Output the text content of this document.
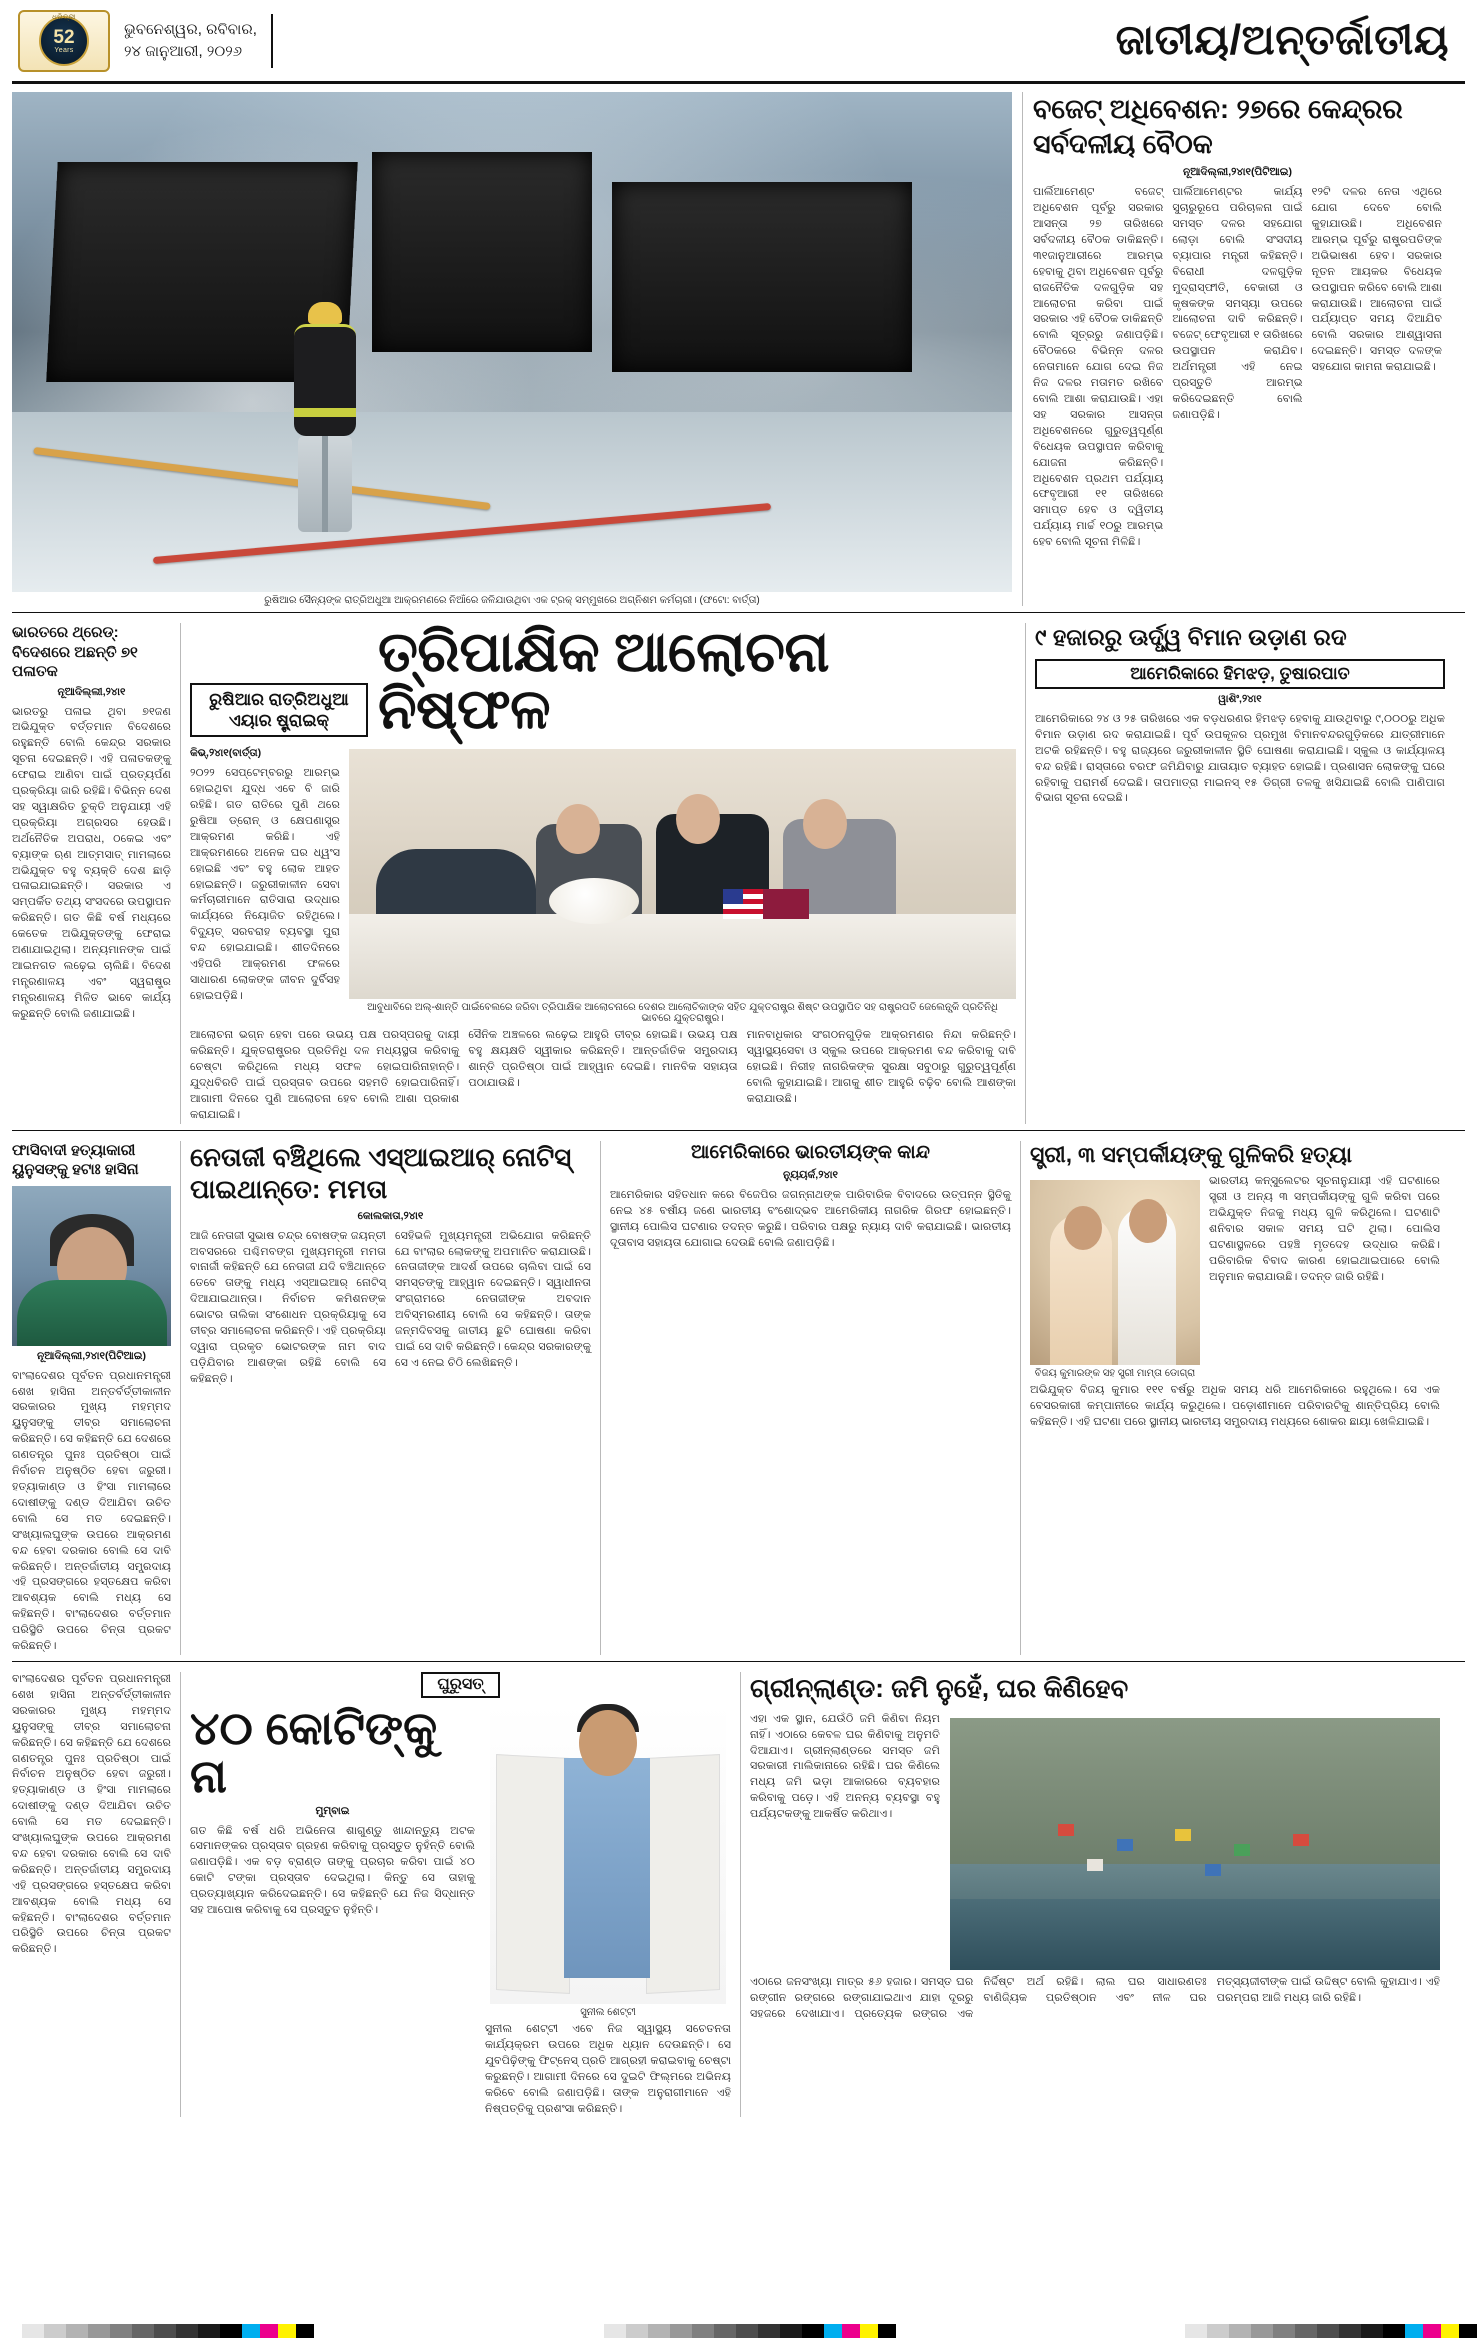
ଧରିତ୍ରୀ
52
Years
ଭୁବନେଶ୍ୱର, ରବିବାର,
୨୪ ଜାନୁଆରୀ, ୨୦୨୬	ଜାତୀୟ/ଅନ୍ତର୍ଜାତୀୟ
ରୁଷିଆର ସୈନ୍ୟଙ୍କ ରାତ୍ରିଅଧୁଆ ଆକ୍ରମଣରେ ନିଆଁରେ ଜଳିଯାଉଥିବା ଏକ ଟ୍ରକ୍ ସମ୍ମୁଖରେ ଅଗ୍ନିଶମ କର୍ମଚାରୀ। (ଫଟୋ: ବାର୍ତ୍ତା)
ବଜେଟ୍ ଅଧିବେଶନ: ୨୭ରେ କେନ୍ଦ୍ରର ସର୍ବଦଳୀୟ ବୈଠକ
ନୂଆଦିଲ୍ଲୀ,୨୪ା୧(ପିଟିଆଇ)
ପାର୍ଲିଆମେଣ୍ଟ ବଜେଟ୍ ଅଧିବେଶନ ପୂର୍ବରୁ ସରକାର ଆସନ୍ତା ୨୭ ତାରିଖରେ ସର୍ବଦଳୀୟ ବୈଠକ ଡାକିଛନ୍ତି। ୩୧ଜାନୁଆରୀରେ ଆରମ୍ଭ ହେବାକୁ ଥିବା ଅଧିବେଶନ ପୂର୍ବରୁ ରାଜନୈତିକ ଦଳଗୁଡ଼ିକ ସହ ଆଲୋଚନା କରିବା ପାଇଁ ସରକାର ଏହି ବୈଠକ ଡାକିଛନ୍ତି ବୋଲି ସୂତ୍ରରୁ ଜଣାପଡ଼ିଛି। ବୈଠକରେ ବିଭିନ୍ନ ଦଳର ନେତାମାନେ ଯୋଗ ଦେଇ ନିଜ ନିଜ ଦଳର ମତାମତ ରଖିବେ ବୋଲି ଆଶା କରାଯାଉଛି। ଏହା ସହ ସରକାର ଆସନ୍ତା ଅଧିବେଶନରେ ଗୁରୁତ୍ୱପୂର୍ଣ୍ଣ ବିଧେୟକ ଉପସ୍ଥାପନ କରିବାକୁ ଯୋଜନା କରିଛନ୍ତି। ଅଧିବେଶନ ପ୍ରଥମ ପର୍ଯ୍ୟାୟ ଫେବୃଆରୀ ୧୧ ତାରିଖରେ ସମାପ୍ତ ହେବ ଓ ଦ୍ୱିତୀୟ ପର୍ଯ୍ୟାୟ ମାର୍ଚ୍ଚ ୧୦ରୁ ଆରମ୍ଭ ହେବ ବୋଲି ସୂଚନା ମିଳିଛି।
ପାର୍ଲିଆମେଣ୍ଟର କାର୍ଯ୍ୟ ସୁଚାରୁରୂପେ ପରିଚାଳନା ପାଇଁ ସମସ୍ତ ଦଳର ସହଯୋଗ ଲୋଡ଼ା ବୋଲି ସଂସଦୀୟ ବ୍ୟାପାର ମନ୍ତ୍ରୀ କହିଛନ୍ତି। ବିରୋଧୀ ଦଳଗୁଡ଼ିକ ମୁଦ୍ରାସ୍ଫୀତି, ବେକାରୀ ଓ କୃଷକଙ୍କ ସମସ୍ୟା ଉପରେ ଆଲୋଚନା ଦାବି କରିଛନ୍ତି। ବଜେଟ୍ ଫେବୃଆରୀ ୧ ତାରିଖରେ ଉପସ୍ଥାପନ କରାଯିବ। ଅର୍ଥମନ୍ତ୍ରୀ ଏହି ନେଇ ପ୍ରସ୍ତୁତି ଆରମ୍ଭ କରିଦେଇଛନ୍ତି ବୋଲି ଜଣାପଡ଼ିଛି।
୧୨ଟି ଦଳର ନେତା ଏଥିରେ ଯୋଗ ଦେବେ ବୋଲି କୁହାଯାଉଛି। ଅଧିବେଶନ ଆରମ୍ଭ ପୂର୍ବରୁ ରାଷ୍ଟ୍ରପତିଙ୍କ ଅଭିଭାଷଣ ହେବ। ସରକାର ନୂତନ ଆୟକର ବିଧେୟକ ଉପସ୍ଥାପନ କରିବେ ବୋଲି ଆଶା କରାଯାଉଛି। ଆଲୋଚନା ପାଇଁ ପର୍ଯ୍ୟାପ୍ତ ସମୟ ଦିଆଯିବ ବୋଲି ସରକାର ଆଶ୍ୱାସନା ଦେଇଛନ୍ତି। ସମସ୍ତ ଦଳଙ୍କ ସହଯୋଗ କାମନା କରାଯାଇଛି।
ଭାରତରେ ଥ୍ରେଡ୍: ବିଦେଶରେ ଅଛନ୍ତି ୭୧ ପଳାତକ
ନୂଆଦିଲ୍ଲୀ,୨୪ା୧
ଭାରତରୁ ପଳାଇ ଥିବା ୭୧ଜଣ ଅଭିଯୁକ୍ତ ବର୍ତ୍ତମାନ ବିଦେଶରେ ରହୁଛନ୍ତି ବୋଲି କେନ୍ଦ୍ର ସରକାର ସୂଚନା ଦେଇଛନ୍ତି। ଏହି ପଳାତକଙ୍କୁ ଫେରାଇ ଆଣିବା ପାଇଁ ପ୍ରତ୍ୟର୍ପଣ ପ୍ରକ୍ରିୟା ଜାରି ରହିଛି। ବିଭିନ୍ନ ଦେଶ ସହ ସ୍ୱାକ୍ଷରିତ ଚୁକ୍ତି ଅନୁଯାୟୀ ଏହି ପ୍ରକ୍ରିୟା ଅଗ୍ରସର ହେଉଛି। ଅର୍ଥନୈତିକ ଅପରାଧ, ଠକେଇ ଏବଂ ବ୍ୟାଙ୍କ ଋଣ ଆତ୍ମସାତ୍ ମାମଲାରେ ଅଭିଯୁକ୍ତ ବହୁ ବ୍ୟକ୍ତି ଦେଶ ଛାଡ଼ି ପଳାଇଯାଇଛନ୍ତି। ସରକାର ଏ ସମ୍ପର୍କିତ ତଥ୍ୟ ସଂସଦରେ ଉପସ୍ଥାପନ କରିଛନ୍ତି। ଗତ କିଛି ବର୍ଷ ମଧ୍ୟରେ କେତେକ ଅଭିଯୁକ୍ତଙ୍କୁ ଫେରାଇ ଅଣାଯାଇଥିଲା। ଅନ୍ୟମାନଙ୍କ ପାଇଁ ଆଇନଗତ ଲଢ଼େଇ ଚାଲିଛି। ବିଦେଶ ମନ୍ତ୍ରଣାଳୟ ଏବଂ ସ୍ୱରାଷ୍ଟ୍ର ମନ୍ତ୍ରଣାଳୟ ମିଳିତ ଭାବେ କାର୍ଯ୍ୟ କରୁଛନ୍ତି ବୋଲି ଜଣାଯାଇଛି।
ରୁଷିଆର ରାତ୍ରିଅଧୁଆ ଏୟାର ଷ୍ଟ୍ରାଇକ୍
ତ୍ରିପାକ୍ଷିକ ଆଲୋଚନା ନିଷ୍ଫଳ
କିଭ୍,୨୪ା୧(ବାର୍ତ୍ତା)
୨୦୨୨ ସେପ୍ଟେମ୍ବରରୁ ଆରମ୍ଭ ହୋଇଥିବା ଯୁଦ୍ଧ ଏବେ ବି ଜାରି ରହିଛି। ଗତ ରାତିରେ ପୁଣି ଥରେ ରୁଷିଆ ଡ୍ରୋନ୍ ଓ କ୍ଷେପଣାସ୍ତ୍ର ଆକ୍ରମଣ କରିଛି। ଏହି ଆକ୍ରମଣରେ ଅନେକ ଘର ଧ୍ୱଂସ ହୋଇଛି ଏବଂ ବହୁ ଲୋକ ଆହତ ହୋଇଛନ୍ତି। ଜରୁରୀକାଳୀନ ସେବା କର୍ମଚାରୀମାନେ ରାତିସାରା ଉଦ୍ଧାର କାର୍ଯ୍ୟରେ ନିୟୋଜିତ ରହିଥିଲେ। ବିଦ୍ୟୁତ୍ ସରବରାହ ବ୍ୟବସ୍ଥା ପୁରା ବନ୍ଦ ହୋଇଯାଇଛି। ଶୀତଦିନରେ ଏହିପରି ଆକ୍ରମଣ ଫଳରେ ସାଧାରଣ ଲୋକଙ୍କ ଜୀବନ ଦୁର୍ବିସହ ହୋଇପଡ଼ିଛି।
ଆବୁଧାବିରେ ଅଲ୍-ଶାନ୍ତି ପାଇଁବେଲରେ ଜରିବା ତ୍ରିପାକ୍ଷିକ ଆଲୋଚନାରେ ଦେଶର ଆଲୋଚିକାଙ୍କ ସହିତ ଯୁକ୍ତରାଷ୍ଟ୍ର ଶିଷ୍ଟ ଉପସ୍ଥାପିତ ସହ ରାଷ୍ଟ୍ରପତି ଜେଲେନ୍ସ୍କି ପ୍ରତିନିଧି ଭାବରେ ଯୁକ୍ତରାଷ୍ଟ୍ର।
ଆଲୋଚନା ଭଗ୍ନ ହେବା ପରେ ଉଭୟ ପକ୍ଷ ପରସ୍ପରକୁ ଦାୟୀ କରିଛନ୍ତି। ଯୁକ୍ତରାଷ୍ଟ୍ରର ପ୍ରତିନିଧି ଦଳ ମଧ୍ୟସ୍ଥତା କରିବାକୁ ଚେଷ୍ଟା କରିଥିଲେ ମଧ୍ୟ ସଫଳ ହୋଇପାରିନାହାନ୍ତି। ଯୁଦ୍ଧବିରତି ପାଇଁ ପ୍ରସ୍ତାବ ଉପରେ ସହମତି ହୋଇପାରିନାହିଁ। ଆଗାମୀ ଦିନରେ ପୁଣି ଆଲୋଚନା ହେବ ବୋଲି ଆଶା ପ୍ରକାଶ କରାଯାଇଛି।
ସୈନିକ ଅଞ୍ଚଳରେ ଲଢ଼େଇ ଆହୁରି ତୀବ୍ର ହୋଇଛି। ଉଭୟ ପକ୍ଷ ବହୁ କ୍ଷୟକ୍ଷତି ସ୍ୱୀକାର କରିଛନ୍ତି। ଆନ୍ତର୍ଜାତିକ ସମ୍ପ୍ରଦାୟ ଶାନ୍ତି ପ୍ରତିଷ୍ଠା ପାଇଁ ଆହ୍ୱାନ ଦେଇଛି। ମାନବିକ ସହାୟତା ପଠାଯାଉଛି।
ମାନବାଧିକାର ସଂଗଠନଗୁଡ଼ିକ ଆକ୍ରମଣର ନିନ୍ଦା କରିଛନ୍ତି। ସ୍ୱାସ୍ଥ୍ୟସେବା ଓ ସ୍କୁଲ ଉପରେ ଆକ୍ରମଣ ବନ୍ଦ କରିବାକୁ ଦାବି ହୋଇଛି। ନିରୀହ ନାଗରିକଙ୍କ ସୁରକ୍ଷା ସବୁଠାରୁ ଗୁରୁତ୍ୱପୂର୍ଣ୍ଣ ବୋଲି କୁହାଯାଇଛି। ଆଗକୁ ଶୀତ ଆହୁରି ବଢ଼ିବ ବୋଲି ଆଶଙ୍କା କରାଯାଉଛି।
୯ ହଜାରରୁ ଊର୍ଦ୍ଧ୍ୱ ବିମାନ ଉଡ଼ାଣ ରଦ
ଆମେରିକାରେ ହିମଝଡ଼, ତୁଷାରପାତ
ୱାଶିଂ,୨୪ା୧
ଆମେରିକାରେ ୨୪ ଓ ୨୫ ତାରିଖରେ ଏକ ବଡ଼ଧରଣର ହିମଝଡ଼ ହେବାକୁ ଯାଉଥିବାରୁ ୯,୦୦୦ରୁ ଅଧିକ ବିମାନ ଉଡ଼ାଣ ରଦ କରାଯାଇଛି। ପୂର୍ବ ଉପକୂଳର ପ୍ରମୁଖ ବିମାନବନ୍ଦରଗୁଡ଼ିକରେ ଯାତ୍ରୀମାନେ ଅଟକି ରହିଛନ୍ତି। ବହୁ ରାଜ୍ୟରେ ଜରୁରୀକାଳୀନ ସ୍ଥିତି ଘୋଷଣା କରାଯାଇଛି। ସ୍କୁଲ ଓ କାର୍ଯ୍ୟାଳୟ ବନ୍ଦ ରହିଛି। ରାସ୍ତାରେ ବରଫ ଜମିଯିବାରୁ ଯାତାୟାତ ବ୍ୟାହତ ହୋଇଛି। ପ୍ରଶାସନ ଲୋକଙ୍କୁ ଘରେ ରହିବାକୁ ପରାମର୍ଶ ଦେଇଛି। ତାପମାତ୍ରା ମାଇନସ୍ ୧୫ ଡିଗ୍ରୀ ତଳକୁ ଖସିଯାଇଛି ବୋଲି ପାଣିପାଗ ବିଭାଗ ସୂଚନା ଦେଇଛି।
ଫାସିବାଦୀ ହତ୍ୟାକାରୀ ୟୁନୁସଙ୍କୁ ହଟାଃ ହାସିନା
ନୂଆଦିଲ୍ଲୀ,୨୪ା୧(ପିଟିଆଇ)
ବାଂଲାଦେଶର ପୂର୍ବତନ ପ୍ରଧାନମନ୍ତ୍ରୀ ଶେଖ ହାସିନା ଅନ୍ତର୍ବର୍ତ୍ତୀକାଳୀନ ସରକାରର ମୁଖ୍ୟ ମହମ୍ମଦ ୟୁନୁସଙ୍କୁ ତୀବ୍ର ସମାଲୋଚନା କରିଛନ୍ତି। ସେ କହିଛନ୍ତି ଯେ ଦେଶରେ ଗଣତନ୍ତ୍ର ପୁନଃ ପ୍ରତିଷ୍ଠା ପାଇଁ ନିର୍ବାଚନ ଅନୁଷ୍ଠିତ ହେବା ଜରୁରୀ। ହତ୍ୟାକାଣ୍ଡ ଓ ହିଂସା ମାମଲାରେ ଦୋଷୀଙ୍କୁ ଦଣ୍ଡ ଦିଆଯିବା ଉଚିତ ବୋଲି ସେ ମତ ଦେଇଛନ୍ତି। ସଂଖ୍ୟାଲଘୁଙ୍କ ଉପରେ ଆକ୍ରମଣ ବନ୍ଦ ହେବା ଦରକାର ବୋଲି ସେ ଦାବି କରିଛନ୍ତି। ଅନ୍ତର୍ଜାତୀୟ ସମ୍ପ୍ରଦାୟ ଏହି ପ୍ରସଙ୍ଗରେ ହସ୍ତକ୍ଷେପ କରିବା ଆବଶ୍ୟକ ବୋଲି ମଧ୍ୟ ସେ କହିଛନ୍ତି। ବାଂଲାଦେଶର ବର୍ତ୍ତମାନ ପରିସ୍ଥିତି ଉପରେ ଚିନ୍ତା ପ୍ରକଟ କରିଛନ୍ତି।
ନେତାଜୀ ବଞ୍ଚିଥିଲେ ଏସ୍ଆଇଆର୍ ନୋଟିସ୍ ପାଇଥାନ୍ତେ: ମମତା
କୋଲକାତା,୨୪ା୧
ଆଜି ନେତାଜୀ ସୁଭାଷ ଚନ୍ଦ୍ର ବୋଷଙ୍କ ଜୟନ୍ତୀ ଅବସରରେ ପଶ୍ଚିମବଙ୍ଗ ମୁଖ୍ୟମନ୍ତ୍ରୀ ମମତା ବାନାର୍ଜୀ କହିଛନ୍ତି ଯେ ନେତାଜୀ ଯଦି ବଞ୍ଚିଥାନ୍ତେ ତେବେ ତାଙ୍କୁ ମଧ୍ୟ ଏସ୍ଆଇଆର୍ ନୋଟିସ୍ ଦିଆଯାଇଥାନ୍ତା। ନିର୍ବାଚନ କମିଶନଙ୍କ ଭୋଟର ତାଲିକା ସଂଶୋଧନ ପ୍ରକ୍ରିୟାକୁ ସେ ତୀବ୍ର ସମାଲୋଚନା କରିଛନ୍ତି। ଏହି ପ୍ରକ୍ରିୟା ଦ୍ୱାରା ପ୍ରକୃତ ଭୋଟରଙ୍କ ନାମ ବାଦ ପଡ଼ିଯିବାର ଆଶଙ୍କା ରହିଛି ବୋଲି ସେ କହିଛନ୍ତି।
ସେହିଭଳି ମୁଖ୍ୟମନ୍ତ୍ରୀ ଅଭିଯୋଗ କରିଛନ୍ତି ଯେ ବାଂଲାର ଲୋକଙ୍କୁ ଅପମାନିତ କରାଯାଉଛି। ନେତାଜୀଙ୍କ ଆଦର୍ଶ ଉପରେ ଚାଲିବା ପାଇଁ ସେ ସମସ୍ତଙ୍କୁ ଆହ୍ୱାନ ଦେଇଛନ୍ତି। ସ୍ୱାଧୀନତା ସଂଗ୍ରାମରେ ନେତାଜୀଙ୍କ ଅବଦାନ ଅବିସ୍ମରଣୀୟ ବୋଲି ସେ କହିଛନ୍ତି। ତାଙ୍କ ଜନ୍ମଦିବସକୁ ଜାତୀୟ ଛୁଟି ଘୋଷଣା କରିବା ପାଇଁ ସେ ଦାବି କରିଛନ୍ତି। କେନ୍ଦ୍ର ସରକାରଙ୍କୁ ସେ ଏ ନେଇ ଚିଠି ଲେଖିଛନ୍ତି।
ଆମେରିକାରେ ଭାରତୀୟଙ୍କ କାନ୍ଦ
ନ୍ୟୁୟର୍କ,୨୪ା୧
ଆମେରିକାର ସହିତଧାନ କରେ ବିଜେପିର ଜଗନ୍ନାଥଙ୍କ ପାରିବାରିକ ବିବାଦରେ ଉତ୍ପନ୍ନ ସ୍ଥିତିକୁ ନେଇ ୪୫ ବର୍ଷୀୟ ଜଣେ ଭାରତୀୟ ବଂଶୋଦ୍ଭବ ଆମେରିକୀୟ ନାଗରିକ ଗିରଫ ହୋଇଛନ୍ତି। ସ୍ଥାନୀୟ ପୋଲିସ ଘଟଣାର ତଦନ୍ତ କରୁଛି। ପରିବାର ପକ୍ଷରୁ ନ୍ୟାୟ ଦାବି କରାଯାଇଛି। ଭାରତୀୟ ଦୂତାବାସ ସହାୟତା ଯୋଗାଇ ଦେଉଛି ବୋଲି ଜଣାପଡ଼ିଛି।
ସ୍ତ୍ରୀ, ୩ ସମ୍ପର୍କୀୟଙ୍କୁ ଗୁଳିକରି ହତ୍ୟା
ବିଜୟ କୁମାରଙ୍କ ସହ ସ୍ତ୍ରୀ ମାମ୍ତା ଡୋଗ୍ରା
ଭାରତୀୟ କନ୍ସୁଲେଟର ସୂଚନାନୁଯାୟୀ ଏହି ଘଟଣାରେ ସ୍ତ୍ରୀ ଓ ଅନ୍ୟ ୩ ସମ୍ପର୍କୀୟଙ୍କୁ ଗୁଳି କରିବା ପରେ ଅଭିଯୁକ୍ତ ନିଜକୁ ମଧ୍ୟ ଗୁଳି କରିଥିଲେ। ଘଟଣାଟି ଶନିବାର ସକାଳ ସମୟ ଘଟି ଥିଲା। ପୋଲିସ ଘଟଣାସ୍ଥଳରେ ପହଞ୍ଚି ମୃତଦେହ ଉଦ୍ଧାର କରିଛି। ପରିବାରିକ ବିବାଦ କାରଣ ହୋଇଥାଇପାରେ ବୋଲି ଅନୁମାନ କରାଯାଉଛି। ତଦନ୍ତ ଜାରି ରହିଛି।
ଅଭିଯୁକ୍ତ ବିଜୟ କୁମାର ୧୧୧ ବର୍ଷରୁ ଅଧିକ ସମୟ ଧରି ଆମେରିକାରେ ରହୁଥିଲେ। ସେ ଏକ ବେସରକାରୀ କମ୍ପାନୀରେ କାର୍ଯ୍ୟ କରୁଥିଲେ। ପଡ଼ୋଶୀମାନେ ପରିବାରଟିକୁ ଶାନ୍ତିପ୍ରିୟ ବୋଲି କହିଛନ୍ତି। ଏହି ଘଟଣା ପରେ ସ୍ଥାନୀୟ ଭାରତୀୟ ସମ୍ପ୍ରଦାୟ ମଧ୍ୟରେ ଶୋକର ଛାୟା ଖେଳିଯାଇଛି।
ବାଂଲାଦେଶର ପୂର୍ବତନ ପ୍ରଧାନମନ୍ତ୍ରୀ ଶେଖ ହାସିନା ଅନ୍ତର୍ବର୍ତ୍ତୀକାଳୀନ ସରକାରର ମୁଖ୍ୟ ମହମ୍ମଦ ୟୁନୁସଙ୍କୁ ତୀବ୍ର ସମାଲୋଚନା କରିଛନ୍ତି। ସେ କହିଛନ୍ତି ଯେ ଦେଶରେ ଗଣତନ୍ତ୍ର ପୁନଃ ପ୍ରତିଷ୍ଠା ପାଇଁ ନିର୍ବାଚନ ଅନୁଷ୍ଠିତ ହେବା ଜରୁରୀ। ହତ୍ୟାକାଣ୍ଡ ଓ ହିଂସା ମାମଲାରେ ଦୋଷୀଙ୍କୁ ଦଣ୍ଡ ଦିଆଯିବା ଉଚିତ ବୋଲି ସେ ମତ ଦେଇଛନ୍ତି। ସଂଖ୍ୟାଲଘୁଙ୍କ ଉପରେ ଆକ୍ରମଣ ବନ୍ଦ ହେବା ଦରକାର ବୋଲି ସେ ଦାବି କରିଛନ୍ତି। ଅନ୍ତର୍ଜାତୀୟ ସମ୍ପ୍ରଦାୟ ଏହି ପ୍ରସଙ୍ଗରେ ହସ୍ତକ୍ଷେପ କରିବା ଆବଶ୍ୟକ ବୋଲି ମଧ୍ୟ ସେ କହିଛନ୍ତି। ବାଂଲାଦେଶର ବର୍ତ୍ତମାନ ପରିସ୍ଥିତି ଉପରେ ଚିନ୍ତା ପ୍ରକଟ କରିଛନ୍ତି।
ଘୁରୁସତ୍
୪୦ କୋଟିଙ୍କୁ ନା
ମୁମ୍ବାଇ
ଗତ କିଛି ବର୍ଷ ଧରି ଅଭିନେତା ଶାଗୁଣ୍ଡୁ ଖାନ୍ଦାନ୍ତ୍ୟୁ ଅଟକ ସେମାନଙ୍କର ପ୍ରସ୍ତାବ ଗ୍ରହଣ କରିବାକୁ ପ୍ରସ୍ତୁତ ନୁହଁନ୍ତି ବୋଲି ଜଣାପଡ଼ିଛି। ଏକ ବଡ଼ ବ୍ରାଣ୍ଡ ତାଙ୍କୁ ପ୍ରଚାର କରିବା ପାଇଁ ୪୦ କୋଟି ଟଙ୍କା ପ୍ରସ୍ତାବ ଦେଇଥିଲା। କିନ୍ତୁ ସେ ତାହାକୁ ପ୍ରତ୍ୟାଖ୍ୟାନ କରିଦେଇଛନ୍ତି। ସେ କହିଛନ୍ତି ଯେ ନିଜ ସିଦ୍ଧାନ୍ତ ସହ ଆପୋଷ କରିବାକୁ ସେ ପ୍ରସ୍ତୁତ ନୁହଁନ୍ତି।
ସୁନୀଲ ଶେଟ୍ଟୀ
ସୁନୀଲ ଶେଟ୍ଟୀ ଏବେ ନିଜ ସ୍ୱାସ୍ଥ୍ୟ ସଚେତନତା କାର୍ଯ୍ୟକ୍ରମ ଉପରେ ଅଧିକ ଧ୍ୟାନ ଦେଉଛନ୍ତି। ସେ ଯୁବପିଢ଼ିଙ୍କୁ ଫିଟ୍ନେସ୍ ପ୍ରତି ଆଗ୍ରହୀ କରାଇବାକୁ ଚେଷ୍ଟା କରୁଛନ୍ତି। ଆଗାମୀ ଦିନରେ ସେ ଦୁଇଟି ଫିଲ୍ମରେ ଅଭିନୟ କରିବେ ବୋଲି ଜଣାପଡ଼ିଛି। ତାଙ୍କ ଅନୁରାଗୀମାନେ ଏହି ନିଷ୍ପତ୍ତିକୁ ପ୍ରଶଂସା କରିଛନ୍ତି।
ଗ୍ରୀନ୍‌ଲାଣ୍ଡ: ଜମି ନୁହେଁ, ଘର କିଣିହେବ
ଏହା ଏକ ସ୍ଥାନ, ଯେଉଁଠି ଜମି କିଣିବା ନିୟମ ନାହିଁ। ଏଠାରେ କେବଳ ଘର କିଣିବାକୁ ଅନୁମତି ଦିଆଯାଏ। ଗ୍ରୀନ୍‌ଲାଣ୍ଡରେ ସମସ୍ତ ଜମି ସରକାରୀ ମାଲିକାନାରେ ରହିଛି। ଘର କିଣିଲେ ମଧ୍ୟ ଜମି ଭଡ଼ା ଆକାରରେ ବ୍ୟବହାର କରିବାକୁ ପଡ଼େ। ଏହି ଅନନ୍ୟ ବ୍ୟବସ୍ଥା ବହୁ ପର୍ଯ୍ୟଟକଙ୍କୁ ଆକର୍ଷିତ କରିଥାଏ।
ଏଠାରେ ଜନସଂଖ୍ୟା ମାତ୍ର ୫୬ ହଜାର। ସମସ୍ତ ଘର ରଙ୍ଗୀନ ରଙ୍ଗରେ ରଙ୍ଗାଯାଇଥାଏ ଯାହା ଦୂରରୁ ସହଜରେ ଦେଖାଯାଏ। ପ୍ରତ୍ୟେକ ରଙ୍ଗର ଏକ ନିର୍ଦ୍ଦିଷ୍ଟ ଅର୍ଥ ରହିଛି। ଲାଲ ଘର ସାଧାରଣତଃ ବାଣିଜ୍ୟିକ ପ୍ରତିଷ୍ଠାନ ଏବଂ ନୀଳ ଘର ମତ୍ସ୍ୟଜୀବୀଙ୍କ ପାଇଁ ଉଦ୍ଦିଷ୍ଟ ବୋଲି କୁହାଯାଏ। ଏହି ପରମ୍ପରା ଆଜି ମଧ୍ୟ ଜାରି ରହିଛି।
